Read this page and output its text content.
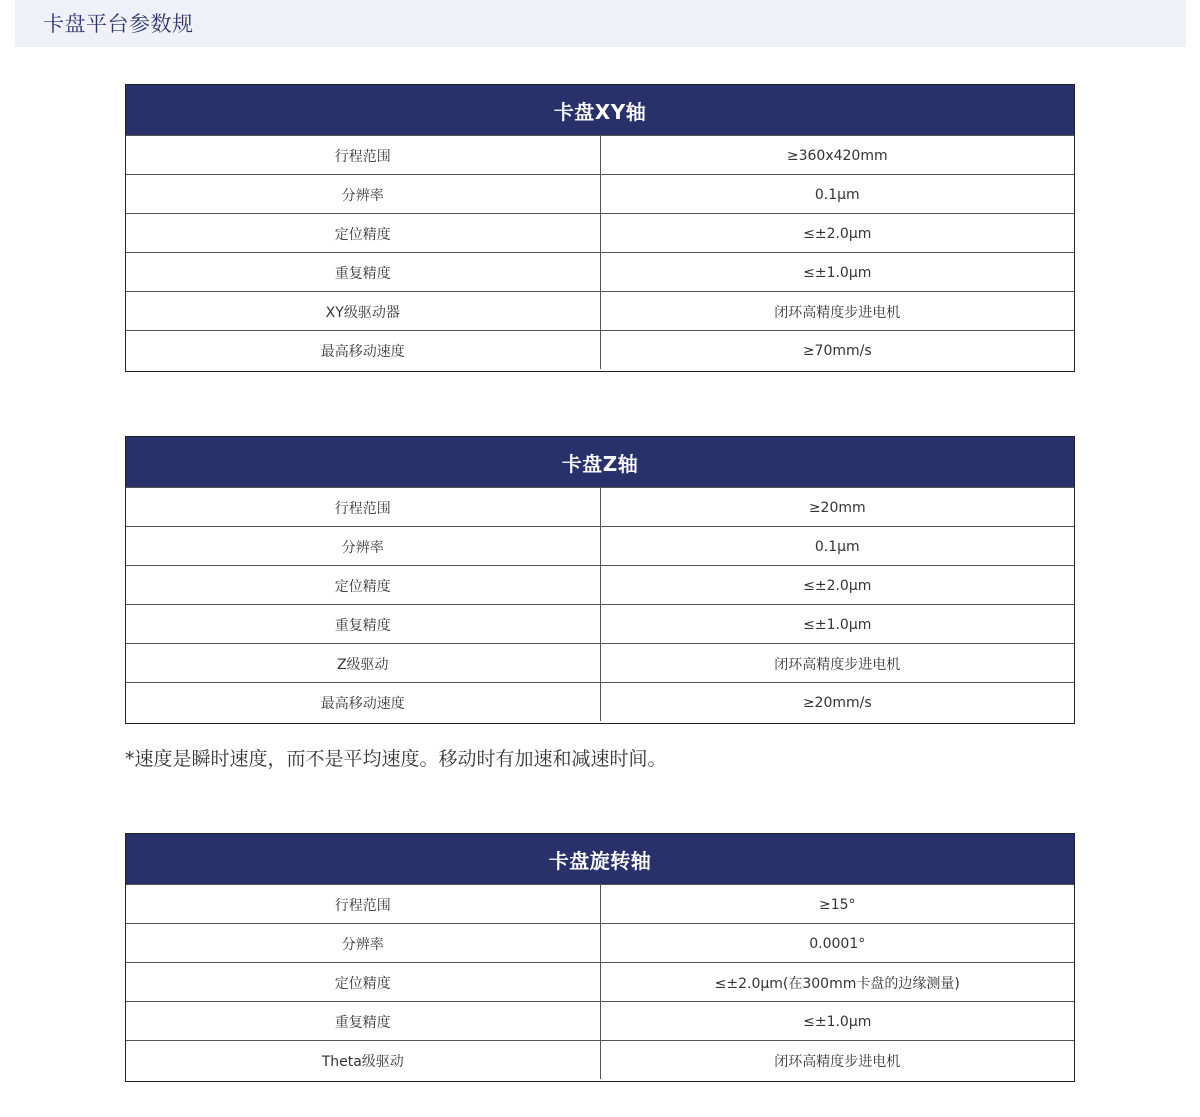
卡盘平台参数规
卡盘XY轴
行程范围	≥360x420mm
分辨率	0.1μm
定位精度	≤±2.0μm
重复精度	≤±1.0μm
XY级驱动器	闭环高精度步进电机
最高移动速度	≥70mm/s
卡盘Z轴
行程范围	≥20mm
分辨率	0.1μm
定位精度	≤±2.0μm
重复精度	≤±1.0μm
Z级驱动	闭环高精度步进电机
最高移动速度	≥20mm/s
*速度是瞬时速度，而不是平均速度。移动时有加速和减速时间。
卡盘旋转轴
行程范围	≥15°
分辨率	0.0001°
定位精度	≤±2.0μm(在300mm卡盘的边缘测量)
重复精度	≤±1.0μm
Theta级驱动	闭环高精度步进电机
